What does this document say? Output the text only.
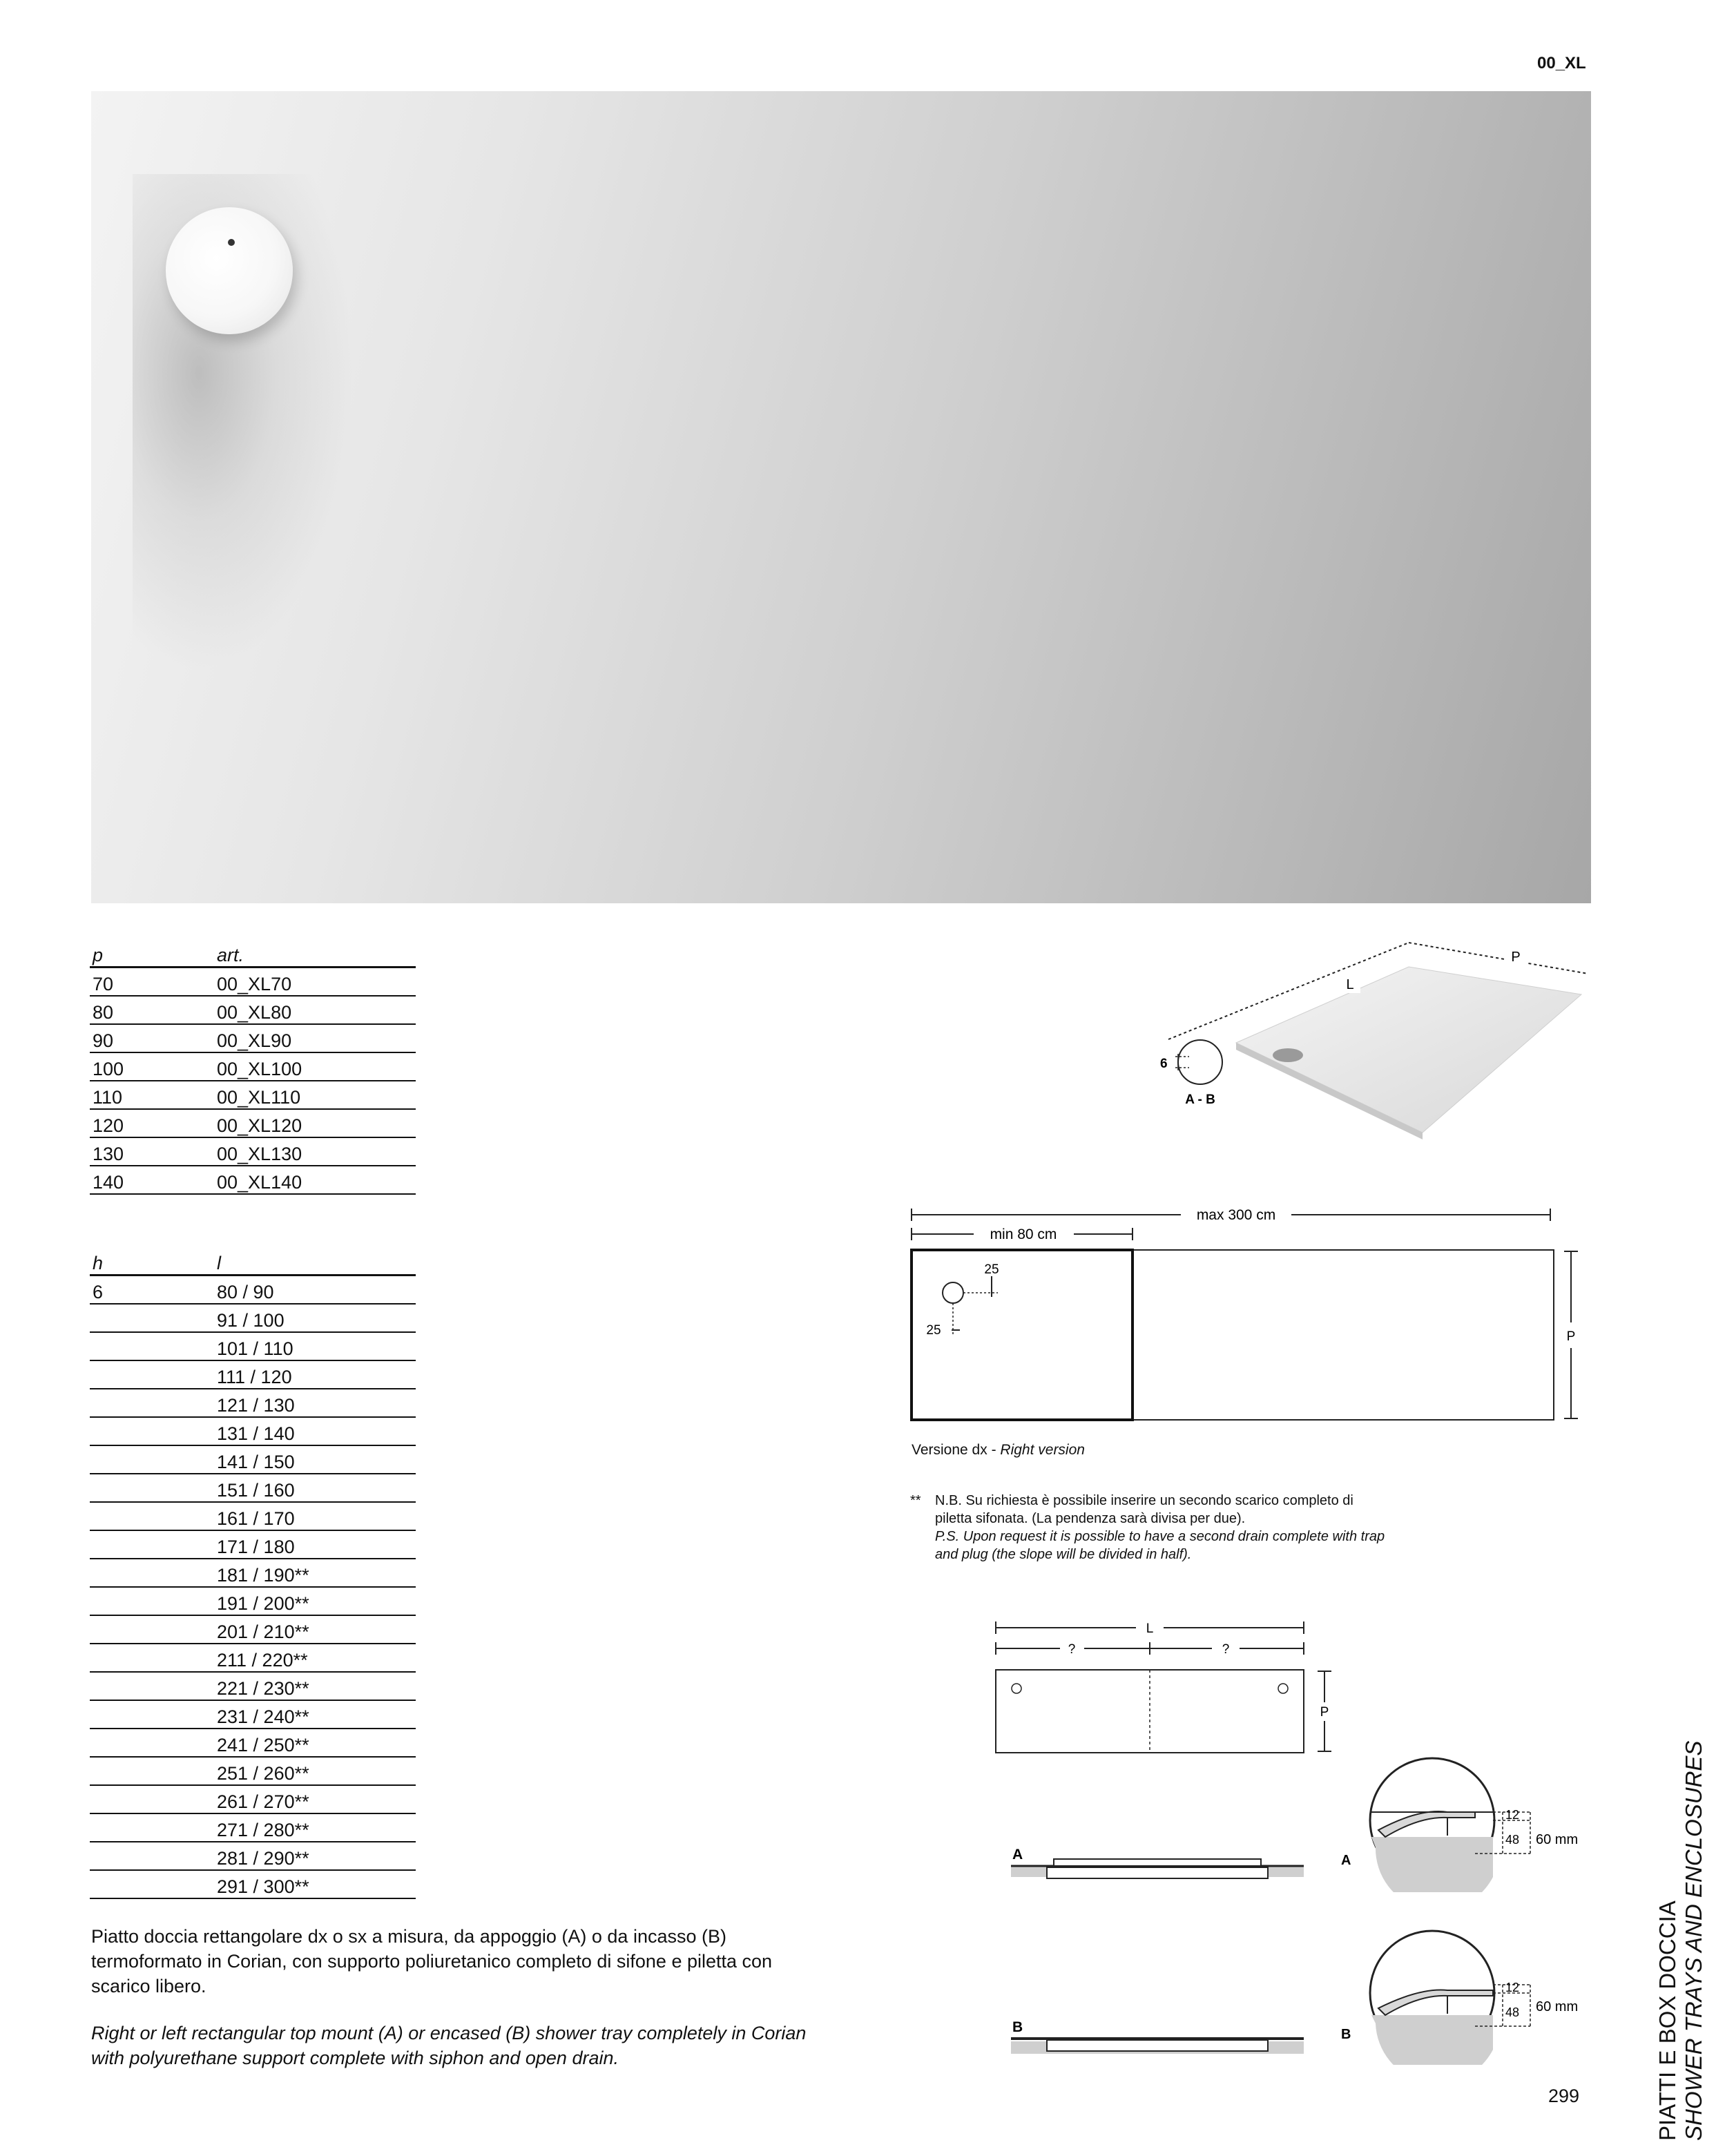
00_XL
p	art.
70	00_XL70
80	00_XL80
90	00_XL90
100	00_XL100
110	00_XL110
120	00_XL120
130	00_XL130
140	00_XL140
h	l
6	80 / 90
	91 / 100
	101 / 110
	111 / 120
	121 / 130
	131 / 140
	141 / 150
	151 / 160
	161 / 170
	171 / 180
	181 / 190**
	191 / 200**
	201 / 210**
	211 / 220**
	221 / 230**
	231 / 240**
	241 / 250**
	251 / 260**
	261 / 270**
	271 / 280**
	281 / 290**
	291 / 300**
Piatto doccia rettangolare dx o sx a misura, da appoggio (A) o da incasso (B) termoformato in Corian, con supporto poliuretanico completo di sifone e piletta con scarico libero.
Right or left rectangular top mount (A) or encased (B) shower tray completely in Corian with polyurethane support complete with siphon and open drain.
L
P
6
A - B
max 300 cm
min 80 cm
25
25	P
Versione dx - Right version
** N.B. Su richiesta è possibile inserire un secondo scarico completo di piletta sifonata. (La pendenza sarà divisa per due).
P.S. Upon request it is possible to have a second drain complete with trap and plug (the slope will be divided in half).
L
?	?
P
A
12
48 60 mm
A
B
12
48 60 mm
B	PIATTI E BOX DOCCIA SHOWER TRAYS AND ENCLOSURES
299
